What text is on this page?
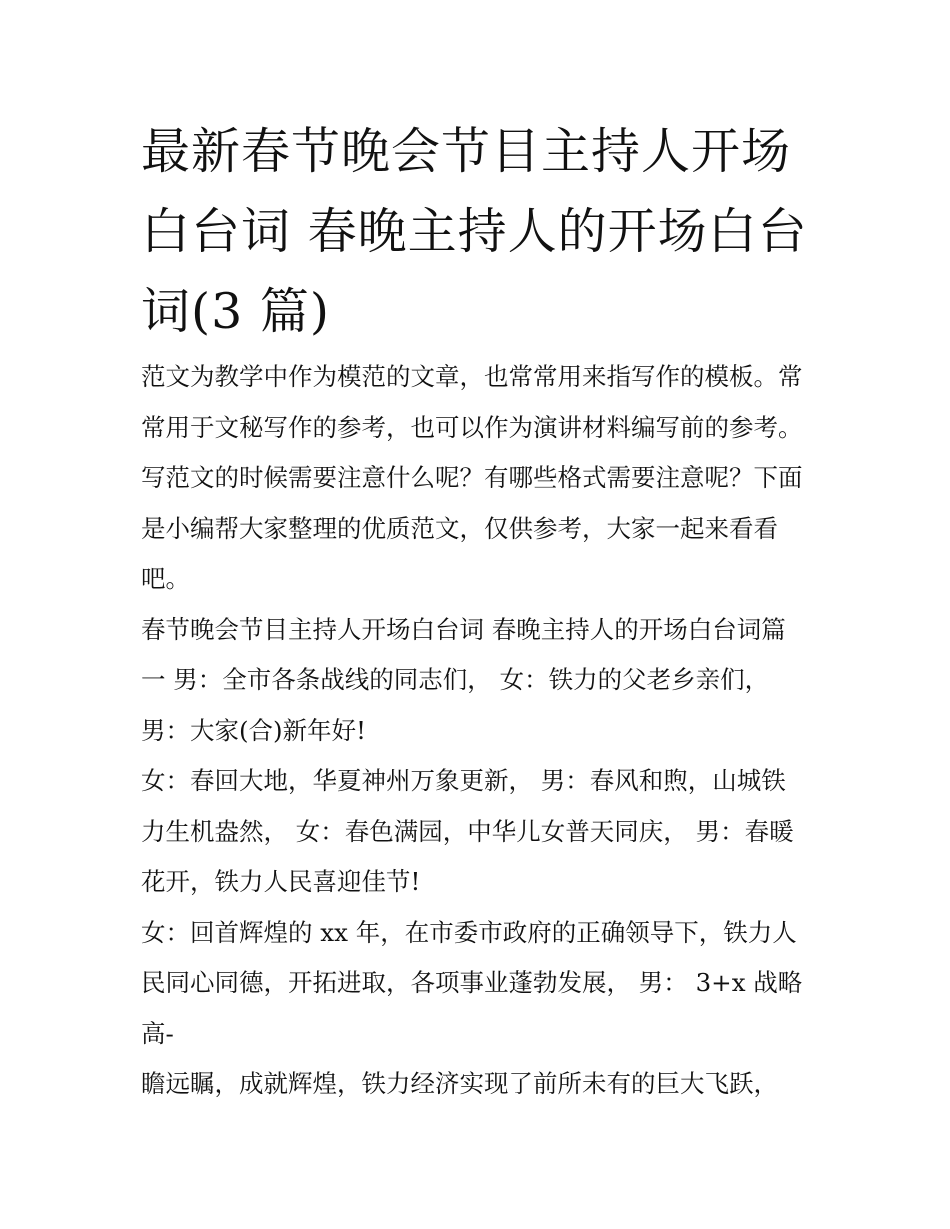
最新春节晚会节目主持人开场
白台词 春晚主持人的开场白台
词(3 篇)

范文为教学中作为模范的文章，也常常用来指写作的模板。常
常用于文秘写作的参考，也可以作为演讲材料编写前的参考。
写范文的时候需要注意什么呢？有哪些格式需要注意呢？下面
是小编帮大家整理的优质范文，仅供参考，大家一起来看看
吧。

春节晚会节目主持人开场白台词 春晚主持人的开场白台词篇
一 男：全市各条战线的同志们， 女：铁力的父老乡亲们，
男：大家(合)新年好!

女：春回大地，华夏神州万象更新， 男：春风和煦，山城铁
力生机盎然， 女：春色满园，中华儿女普天同庆， 男：春暖
花开，铁力人民喜迎佳节!

女：回首辉煌的 xx 年，在市委市政府的正确领导下，铁力人
民同心同德，开拓进取，各项事业蓬勃发展， 男： 3+x 战略
高-

瞻远瞩，成就辉煌，铁力经济实现了前所未有的巨大飞跃，
